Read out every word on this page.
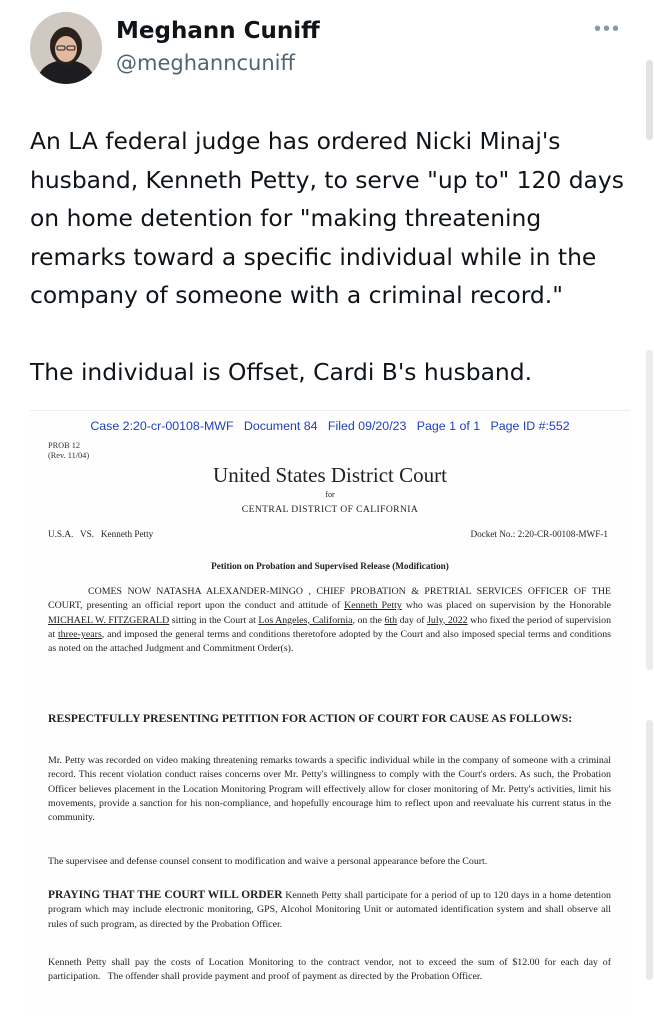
Meghann Cuniff
@meghanncuniff
•••

An LA federal judge has ordered Nicki Minaj's husband, Kenneth Petty, to serve "up to" 120 days on home detention for "making threatening remarks toward a specific individual while in the company of someone with a criminal record."

The individual is Offset, Cardi B's husband.

Case 2:20-cr-00108-MWF   Document 84   Filed 09/20/23   Page 1 of 1   Page ID #:552
PROB 12
(Rev. 11/04)
United States District Court
for
CENTRAL DISTRICT OF CALIFORNIA
U.S.A.   VS.   Kenneth Petty	Docket No.: 2:20-CR-00108-MWF-1
Petition on Probation and Supervised Release (Modification)

COMES NOW NATASHA ALEXANDER-MINGO , CHIEF PROBATION & PRETRIAL SERVICES OFFICER OF THE COURT, presenting an official report upon the conduct and attitude of Kenneth Petty who was placed on supervision by the Honorable MICHAEL W. FITZGERALD sitting in the Court at Los Angeles, California, on the 6th day of July, 2022 who fixed the period of supervision at three-years, and imposed the general terms and conditions theretofore adopted by the Court and also imposed special terms and conditions as noted on the attached Judgment and Commitment Order(s).

RESPECTFULLY PRESENTING PETITION FOR ACTION OF COURT FOR CAUSE AS FOLLOWS:

Mr. Petty was recorded on video making threatening remarks towards a specific individual while in the company of someone with a criminal record. This recent violation conduct raises concerns over Mr. Petty's willingness to comply with the Court's orders. As such, the Probation Officer believes placement in the Location Monitoring Program will effectively allow for closer monitoring of Mr. Petty's activities, limit his movements, provide a sanction for his non-compliance, and hopefully encourage him to reflect upon and reevaluate his current status in the community.

The supervisee and defense counsel consent to modification and waive a personal appearance before the Court.

PRAYING THAT THE COURT WILL ORDER Kenneth Petty shall participate for a period of up to 120 days in a home detention program which may include electronic monitoring, GPS, Alcohol Monitoring Unit or automated identification system and shall observe all rules of such program, as directed by the Probation Officer.

Kenneth Petty shall pay the costs of Location Monitoring to the contract vendor, not to exceed the sum of $12.00 for each day of participation.   The offender shall provide payment and proof of payment as directed by the Probation Officer.
